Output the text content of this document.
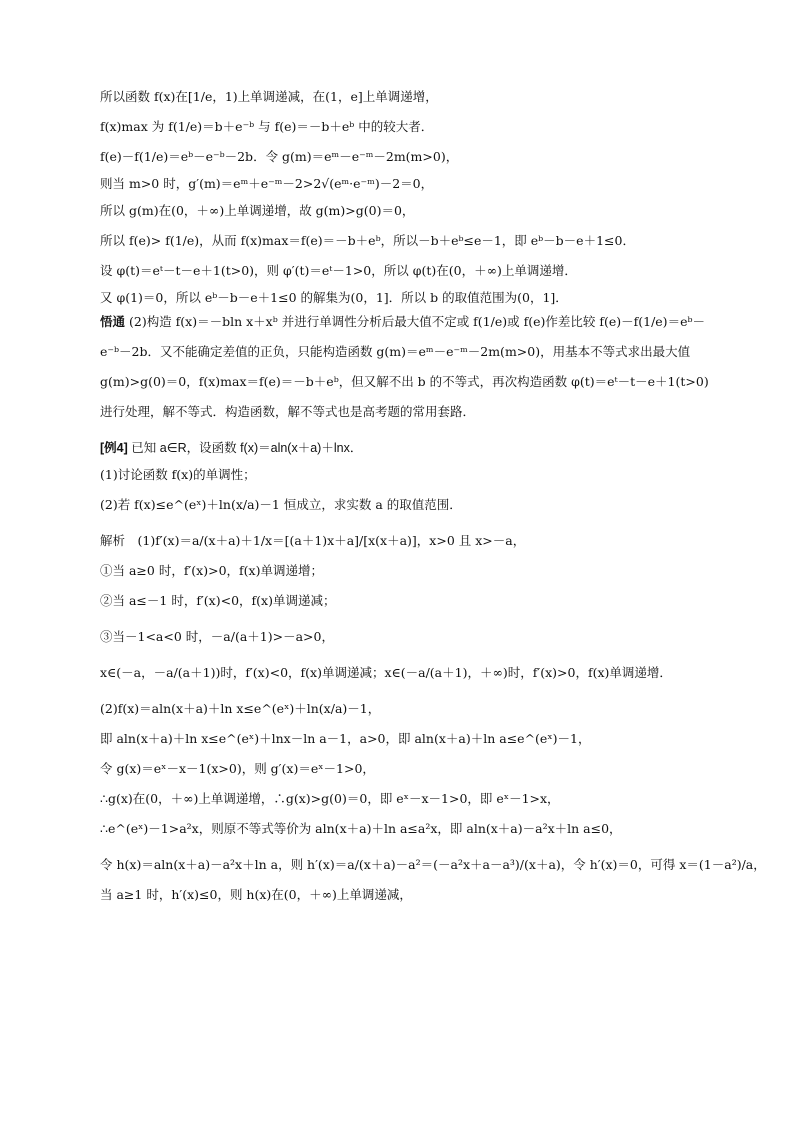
所以函数 f(x)在[1/e，1)上单调递减，在(1，e]上单调递增，

f(x)max 为 f(1/e)＝b＋e⁻ᵇ 与 f(e)＝－b＋eᵇ 中的较大者．

f(e)－f(1/e)＝eᵇ－e⁻ᵇ－2b．令 g(m)＝eᵐ－e⁻ᵐ－2m(m>0)，

则当 m>0 时，g′(m)＝eᵐ＋e⁻ᵐ－2>2√(eᵐ·e⁻ᵐ)－2＝0，

所以 g(m)在(0，＋∞)上单调递增，故 g(m)>g(0)＝0，

所以 f(e)> f(1/e)，从而 f(x)max＝f(e)＝－b＋eᵇ，所以－b＋eᵇ≤e－1，即 eᵇ－b－e＋1≤0．

设 φ(t)＝eᵗ－t－e＋1(t>0)，则 φ′(t)＝eᵗ－1>0，所以 φ(t)在(0，＋∞)上单调递增．

又 φ(1)＝0，所以 eᵇ－b－e＋1≤0 的解集为(0，1]．所以 b 的取值范围为(0，1]．

悟通 (2)构造 f(x)＝－bln x＋xᵇ 并进行单调性分析后最大值不定或 f(1/e)或 f(e)作差比较 f(e)－f(1/e)＝eᵇ－e⁻ᵇ－2b．又不能确定差值的正负，只能构造函数 g(m)＝eᵐ－e⁻ᵐ－2m(m>0)，用基本不等式求出最大值 g(m)>g(0)＝0，f(x)max＝f(e)＝－b＋eᵇ，但又解不出 b 的不等式，再次构造函数 φ(t)＝eᵗ－t－e＋1(t>0)进行处理，解不等式．构造函数，解不等式也是高考题的常用套路．

[例4] 已知 a∈R，设函数 f(x)＝aln(x＋a)＋lnx．

(1)讨论函数 f(x)的单调性；

(2)若 f(x)≤e^(eˣ)＋ln(x/a)－1 恒成立，求实数 a 的取值范围．

解析　(1)f′(x)＝a/(x＋a)＋1/x＝[(a＋1)x＋a]/[x(x＋a)]，x>0 且 x>－a，

①当 a≥0 时，f′(x)>0，f(x)单调递增；

②当 a≤－1 时，f′(x)<0，f(x)单调递减；

③当－1<a<0 时，－a/(a＋1)>－a>0，

x∈(－a，－a/(a＋1))时，f′(x)<0，f(x)单调递减；x∈(－a/(a＋1)，＋∞)时，f′(x)>0，f(x)单调递增．

(2)f(x)＝aln(x＋a)＋ln x≤e^(eˣ)＋ln(x/a)－1，

即 aln(x＋a)＋ln x≤e^(eˣ)＋lnx－ln a－1，a>0，即 aln(x＋a)＋ln a≤e^(eˣ)－1，

令 g(x)＝eˣ－x－1(x>0)，则 g′(x)＝eˣ－1>0，

∴g(x)在(0，＋∞)上单调递增，∴g(x)>g(0)＝0，即 eˣ－x－1>0，即 eˣ－1>x，

∴e^(eˣ)－1>a²x，则原不等式等价为 aln(x＋a)＋ln a≤a²x，即 aln(x＋a)－a²x＋ln a≤0，

令 h(x)＝aln(x＋a)－a²x＋ln a，则 h′(x)＝a/(x＋a)－a²＝(－a²x＋a－a³)/(x＋a)，令 h′(x)＝0，可得 x＝(1－a²)/a，

当 a≥1 时，h′(x)≤0，则 h(x)在(0，＋∞)上单调递减，
